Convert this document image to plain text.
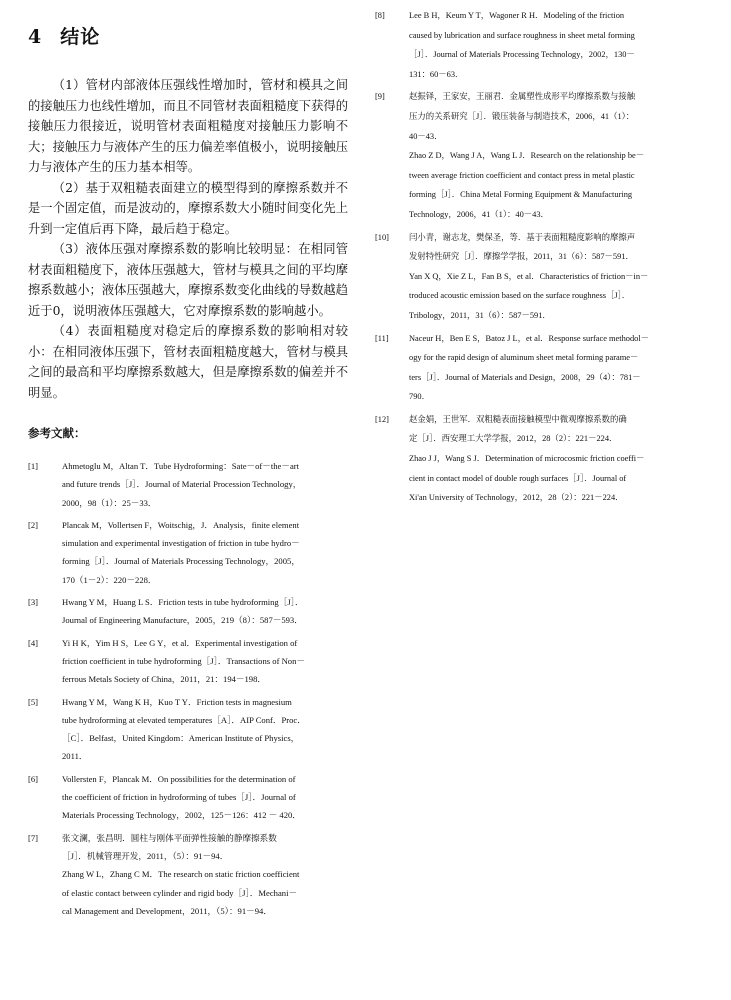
4 结论

（1）管材内部液体压强线性增加时，管材和模具之间的接触压力也线性增加，而且不同管材表面粗糙度下获得的接触压力很接近，说明管材表面粗糙度对接触压力影响不大；接触压力与液体产生的压力偏差率值极小，说明接触压力与液体产生的压力基本相等。

（2）基于双粗糙表面建立的模型得到的摩擦系数并不是一个固定值，而是波动的，摩擦系数大小随时间变化先上升到一定值后再下降，最后趋于稳定。

（3）液体压强对摩擦系数的影响比较明显：在相同管材表面粗糙度下，液体压强越大，管材与模具之间的平均摩擦系数越小；液体压强越大，摩擦系数变化曲线的导数越趋近于0，说明液体压强越大，它对摩擦系数的影响越小。

（4）表面粗糙度对稳定后的摩擦系数的影响相对较小：在相同液体压强下，管材表面粗糙度越大，管材与模具之间的最高和平均摩擦系数越大，但是摩擦系数的偏差并不明显。

参考文献：
[1]	Ahmetoglu M，Altan T．Tube Hydroforming：Sate－of－the－art
and future trends［J］．Journal of Material Procession Technology，
2000，98（1）：25－33．
[2]	Plancak M，Vollertsen F，Woitschig，J．Analysis，finite element
simulation and experimental investigation of friction in tube hydro－
forming［J］．Journal of Materials Processing Technology，2005，
170（1－2）：220－228．
[3]	Hwang Y M，Huang L S．Friction tests in tube hydroforming［J］．
Journal of Engineering Manufacture，2005，219（8）：587－593．
[4]	Yi H K，Yim H S，Lee G Y，et al．Experimental investigation of
friction coefficient in tube hydroforming［J］．Transactions of Non－
ferrous Metals Society of China，2011，21：194－198．
[5]	Hwang Y M，Wang K H，Kuo T Y．Friction tests in magnesium
tube hydroforming at elevated temperatures［A］．AIP Conf．Proc．
［C］．Belfast，United Kingdom：American Institute of Physics，
2011．
[6]	Vollersten F，Plancak M．On possibilities for the determination of
the coefficient of friction in hydroforming of tubes［J］．Journal of
Materials Processing Technology，2002，125－126：412 － 420．
[7]	张文澜，张昌明．圆柱与刚体平面弹性接触的静摩擦系数
［J］．机械管理开发，2011，（5）：91－94．
Zhang W L，Zhang C M．The research on static friction coefficient
of elastic contact between cylinder and rigid body［J］．Mechani－
cal Management and Development，2011，（5）：91－94．
[8]	Lee B H，Keum Y T，Wagoner R H．Modeling of the friction
caused by lubrication and surface roughness in sheet metal forming
［J］．Journal of Materials Processing Technology，2002，130－
131：60－63．
[9]	赵振铎，王家安，王丽君．金属塑性成形平均摩擦系数与接触
压力的关系研究［J］．锻压装备与制造技术，2006，41（1）：
40－43．
Zhao Z D，Wang J A，Wang L J．Research on the relationship be－
tween average friction coefficient and contact press in metal plastic
forming［J］．China Metal Forming Equipment & Manufacturing
Technology，2006，41（1）：40－43．
[10] 闫小青，谢志龙，樊保圣，等．基于表面粗糙度影响的摩擦声
发射特性研究［J］．摩擦学学报，2011，31（6）：587－591．
Yan X Q，Xie Z L，Fan B S，et al．Characteristics of friction－in－
troduced acoustic emission based on the surface roughness［J］．
Tribology，2011，31（6）：587－591．
[11] Naceur H，Ben E S，Batoz J L，et al．Response surface methodol－
ogy for the rapid design of aluminum sheet metal forming parame－
ters［J］．Journal of Materials and Design，2008，29（4）：781－
790．
[12] 赵金娟，王世军．双粗糙表面接触模型中微观摩擦系数的确
定［J］．西安理工大学学报，2012，28（2）：221－224．
Zhao J J，Wang S J．Determination of microcosmic friction coeffi－
cient in contact model of double rough surfaces［J］．Journal of
Xi'an University of Technology，2012，28（2）：221－224．
